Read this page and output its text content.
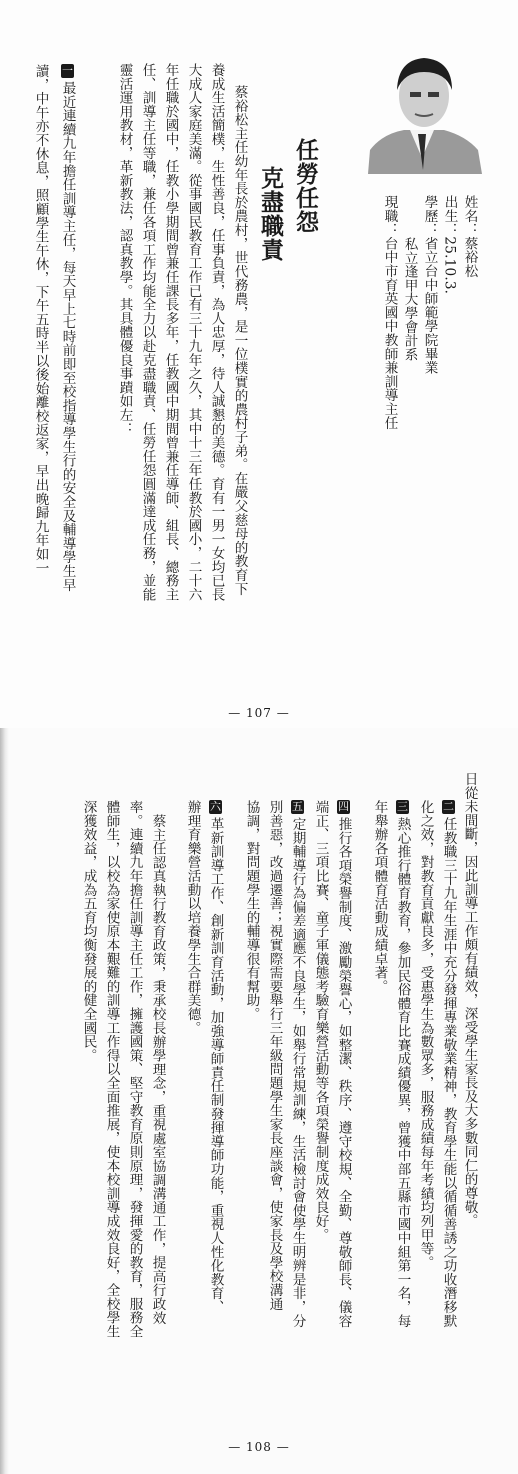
姓名：蔡裕松
出生：25.10.3.
學歷：省立台中師範學院畢業
私立逢甲大學會計系
現職：台中市育英國中教師兼訓導主任
任勞任怨
克盡職責
蔡裕松主任幼年長於農村，世代務農，是一位樸實的農村子弟。在嚴父慈母的教育下
養成生活簡樸，生性善良，任事負責，為人忠厚，待人誠懇的美德。育有一男一女均已長
大成人家庭美滿。從事國民教育工作已有三十九年之久，其中十三年任教於國小，二十六
年任職於國中，任教小學期間曾兼任課長多年，任教國中期間曾兼任導師、組長、總務主
任、訓導主任等職，兼任各項工作均能全力以赴克盡職責、任勞任怨圓滿達成任務，並能
靈活運用教材，革新教法，認真教學。其具體優良事蹟如左：
一
最近連續九年擔任訓導主任，每天早上七時前即至校指導學生行的安全及輔導學生早
讀，中午亦不休息，照顧學生午休，下午五時半以後始離校返家，早出晚歸九年如一
— 107 —
日從未間斷，因此訓導工作頗有績效，深受學生家長及大多數同仁的尊敬。
二
任教職三十九年生涯中充分發揮專業敬業精神，教育學生能以循循善誘之功收潛移默
化之效，對教育貢獻良多，受惠學生為數眾多，服務成績每年考績均列甲等。
三
熱心推行體育教育，參加民俗體育比賽成績優異，曾獲中部五縣市國中組第一名，每
年舉辦各項體育活動成績卓著。
四
推行各項榮譽制度、激勵榮譽心，如整潔、秩序、遵守校規、全勤、尊敬師長、儀容
端正、三項比賽、童子軍儀態考驗育樂營活動等各項榮譽制度成效良好。
五
定期輔導行為偏差適應不良學生，如舉行常規訓練，生活檢討會使學生明辨是非，分
別善惡，改過遷善；視實際需要舉行三年級問題學生家長座談會，使家長及學校溝通
協調，對問題學生的輔導很有幫助。
六
革新訓導工作、創新訓育活動，加強導師責任制發揮導師功能，重視人性化教育、
辦理育樂營活動以培養學生合群美德。
蔡主任認真執行教育政策，秉承校長辦學理念，重視處室協調溝通工作，提高行政效
率。連續九年擔任訓導主任工作，擁護國策、堅守教育原則原理，發揮愛的教育，服務全
體師生，以校為家使原本艱難的訓導工作得以全面推展，使本校訓導成效良好，全校學生
深獲效益，成為五育均衡發展的健全國民。
— 108 —
